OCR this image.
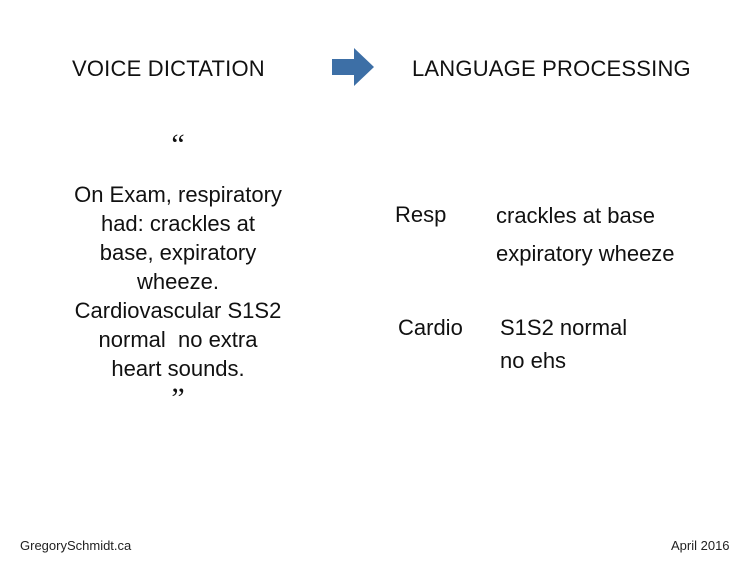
VOICE DICTATION	LANGUAGE PROCESSING
“
On Exam, respiratory
had: crackles at
base, expiratory
wheeze.
Cardiovascular S1S2
normal  no extra
heart sounds.
”
Resp crackles at base
expiratory wheeze
Cardio S1S2 normal
no ehs
GregorySchmidt.ca	April 2016
